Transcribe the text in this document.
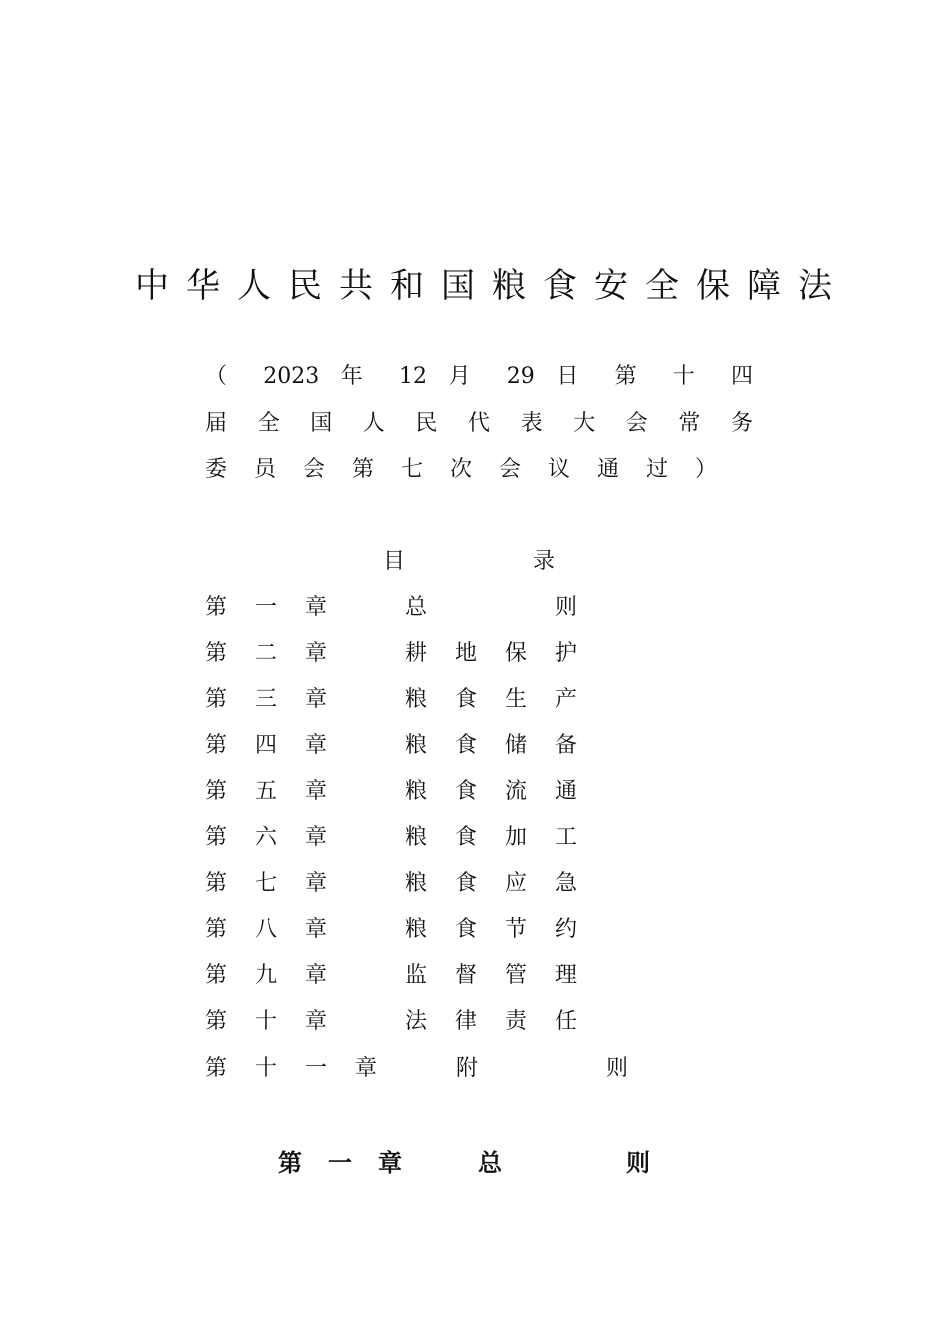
中华人民共和国粮食安全保障法
（ 2023 年 12 月 29 日 第 十 四
届全国人民代表大会常务
委员会第七次会议通过）
目	录
第一章 总则
第二章 耕地保护
第三章 粮食生产
第四章 粮食储备
第五章 粮食流通
第六章 粮食加工
第七章 粮食应急
第八章 粮食节约
第九章 监督管理
第十章 法律责任
第十一章 附则
第一章 总则
